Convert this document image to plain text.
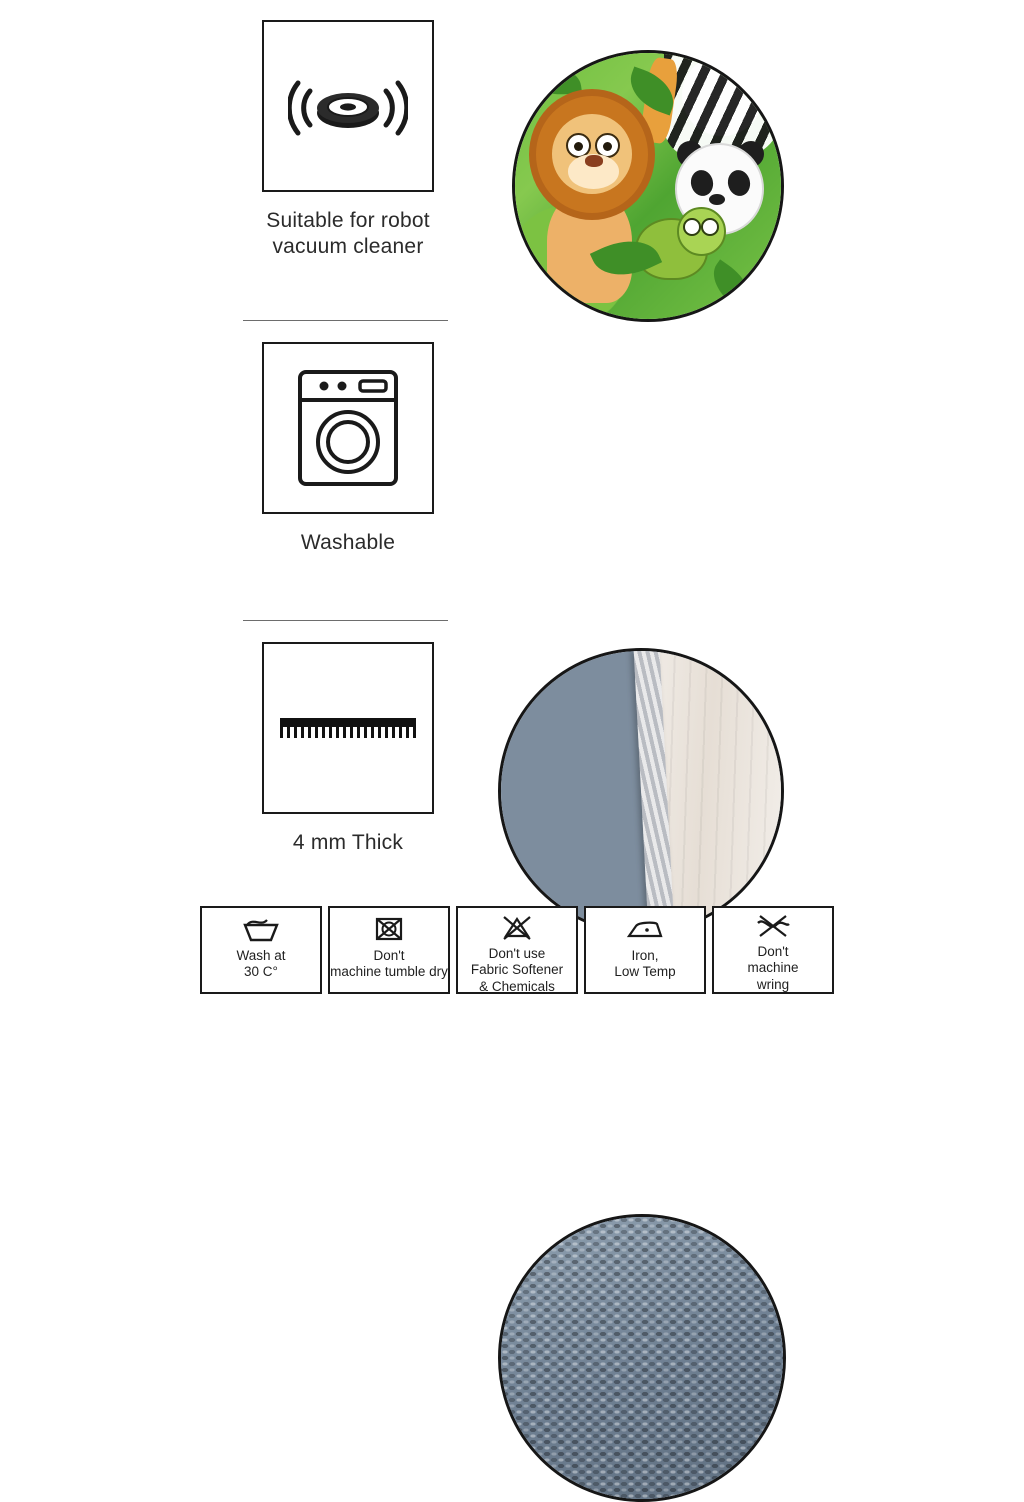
Suitable for robot
vacuum cleaner
Washable
4 mm Thick
Wash at
30 C°
Don't
machine tumble dry
Don't use
Fabric Softener
& Chemicals
Iron,
Low Temp
Don't
machine
wring
